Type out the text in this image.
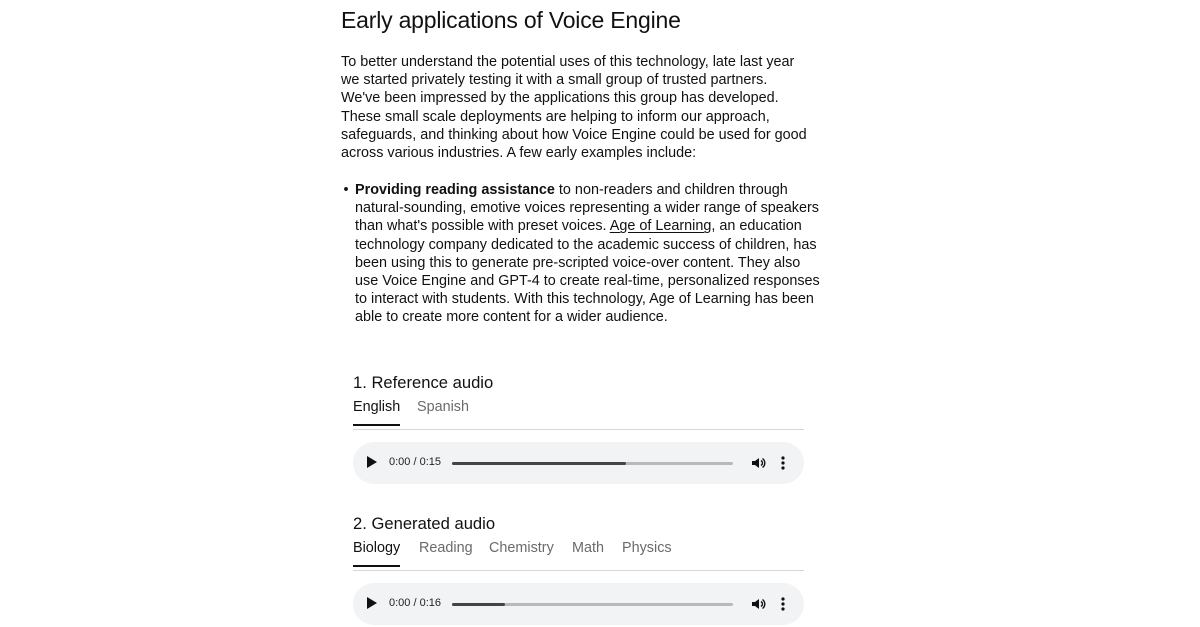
Early applications of Voice Engine

To better understand the potential uses of this technology, late last year we started privately testing it with a small group of trusted partners. We've been impressed by the applications this group has developed. These small scale deployments are helping to inform our approach, safeguards, and thinking about how Voice Engine could be used for good across various industries. A few early examples include:

• Providing reading assistance to non-readers and children through natural-sounding, emotive voices representing a wider range of speakers than what's possible with preset voices. Age of Learning, an education technology company dedicated to the academic success of children, has been using this to generate pre-scripted voice-over content. They also use Voice Engine and GPT-4 to create real-time, personalized responses to interact with students. With this technology, Age of Learning has been able to create more content for a wider audience.
1. Reference audio
English Spanish
0:00 / 0:15
2. Generated audio
Biology Reading Chemistry Math Physics
0:00 / 0:16
